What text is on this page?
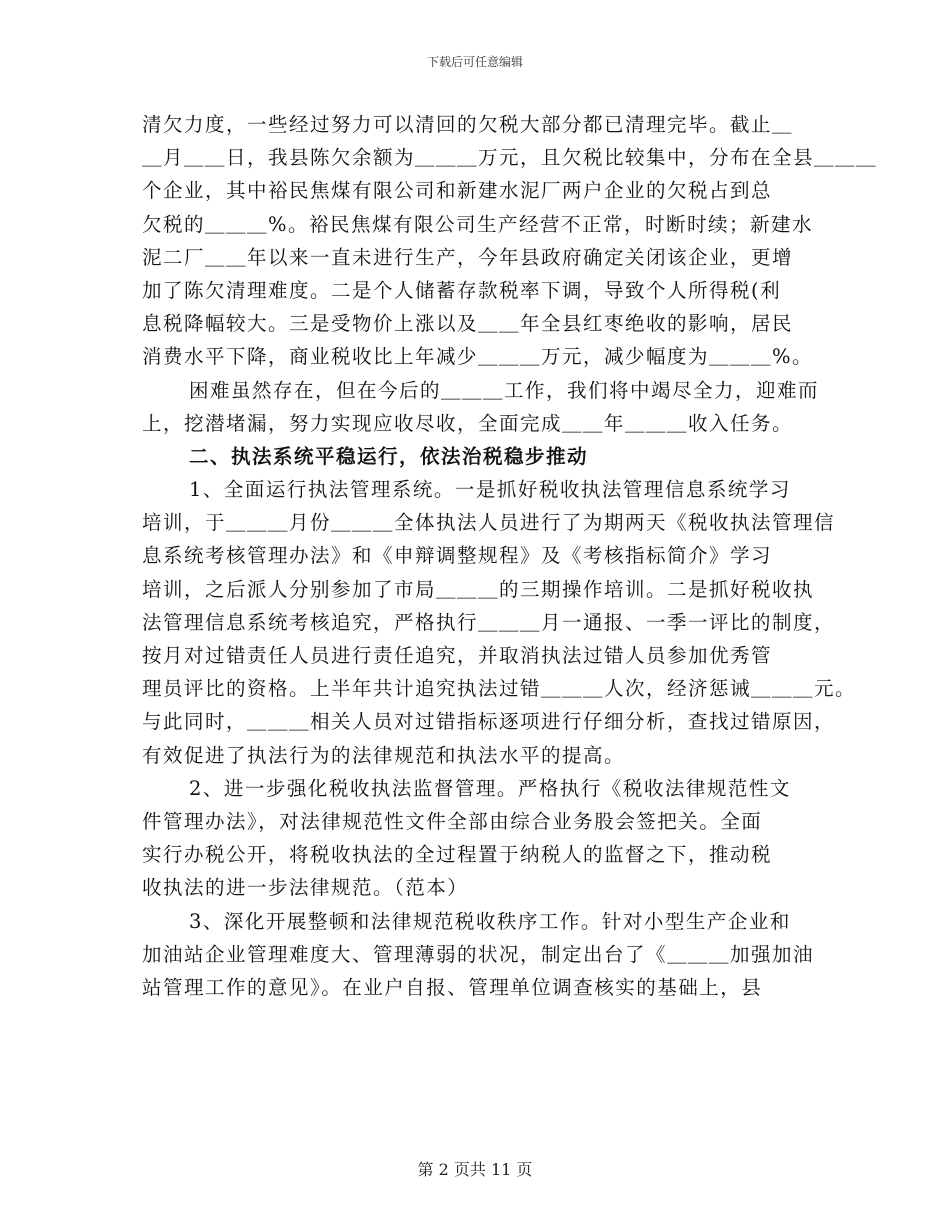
下载后可任意编辑
清欠力度，一些经过努力可以清回的欠税大部分都已清理完毕。截止＿
＿月＿＿日，我县陈欠余额为＿＿＿万元，且欠税比较集中，分布在全县＿＿＿
个企业，其中裕民焦煤有限公司和新建水泥厂两户企业的欠税占到总
欠税的＿＿＿%。裕民焦煤有限公司生产经营不正常，时断时续；新建水
泥二厂＿＿年以来一直未进行生产，今年县政府确定关闭该企业，更增
加了陈欠清理难度。二是个人储蓄存款税率下调，导致个人所得税(利
息税降幅较大。三是受物价上涨以及＿＿年全县红枣绝收的影响，居民
消费水平下降，商业税收比上年减少＿＿＿万元，减少幅度为＿＿＿%。
困难虽然存在，但在今后的＿＿＿工作，我们将中竭尽全力，迎难而
上，挖潜堵漏，努力实现应收尽收，全面完成＿＿年＿＿＿收入任务。
二、执法系统平稳运行，依法治税稳步推动
1、全面运行执法管理系统。一是抓好税收执法管理信息系统学习
培训，于＿＿＿月份＿＿＿全体执法人员进行了为期两天《税收执法管理信
息系统考核管理办法》和《申辩调整规程》及《考核指标简介》学习
培训，之后派人分别参加了市局＿＿＿的三期操作培训。二是抓好税收执
法管理信息系统考核追究，严格执行＿＿＿月一通报、一季一评比的制度，
按月对过错责任人员进行责任追究，并取消执法过错人员参加优秀管
理员评比的资格。上半年共计追究执法过错＿＿＿人次，经济惩诫＿＿＿元。
与此同时，＿＿＿相关人员对过错指标逐项进行仔细分析，查找过错原因，
有效促进了执法行为的法律规范和执法水平的提高。
2、进一步强化税收执法监督管理。严格执行《税收法律规范性文
件管理办法》，对法律规范性文件全部由综合业务股会签把关。全面
实行办税公开，将税收执法的全过程置于纳税人的监督之下，推动税
收执法的进一步法律规范。（范本）
3、深化开展整顿和法律规范税收秩序工作。针对小型生产企业和
加油站企业管理难度大、管理薄弱的状况，制定出台了《＿＿＿加强加油
站管理工作的意见》。在业户自报、管理单位调查核实的基础上，县
第 2 页共 11 页
